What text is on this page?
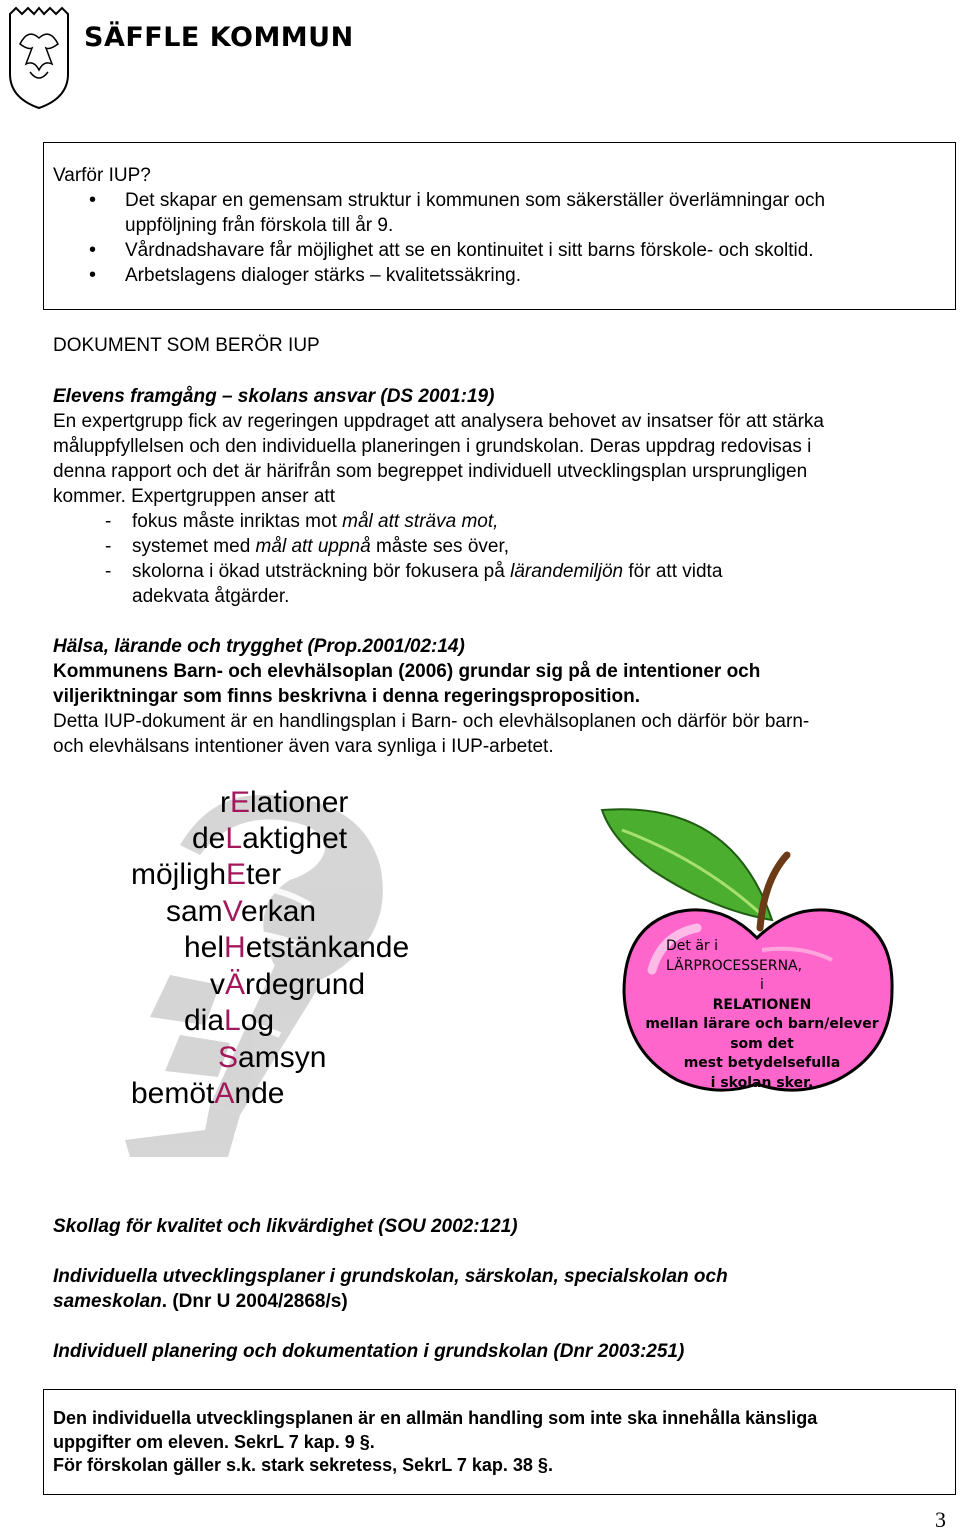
SÄFFLE KOMMUN
Varför IUP?
• Det skapar en gemensam struktur i kommunen som säkerställer överlämningar och
uppföljning från förskola till år 9.
• Vårdnadshavare får möjlighet att se en kontinuitet i sitt barns förskole- och skoltid.
• Arbetslagens dialoger stärks – kvalitetssäkring.
DOKUMENT SOM BERÖR IUP
Elevens framgång – skolans ansvar (DS 2001:19)
En expertgrupp fick av regeringen uppdraget att analysera behovet av insatser för att stärka
måluppfyllelsen och den individuella planeringen i grundskolan. Deras uppdrag redovisas i
denna rapport och det är härifrån som begreppet individuell utvecklingsplan ursprungligen
kommer. Expertgruppen anser att
- fokus måste inriktas mot mål att sträva mot,
- systemet med mål att uppnå måste ses över,
- skolorna i ökad utsträckning bör fokusera på lärandemiljön för att vidta
adekvata åtgärder.
Hälsa, lärande och trygghet (Prop.2001/02:14)
Kommunens Barn- och elevhälsoplan (2006) grundar sig på de intentioner och
viljeriktningar som finns beskrivna i denna regeringsproposition.
Detta IUP-dokument är en handlingsplan i Barn- och elevhälsoplanen och därför bör barn-
och elevhälsans intentioner även vara synliga i IUP-arbetet.
rElationer
deLaktighet
möjlighEter
samVerkan
helHetstänkande
vÄrdegrund
diaLog
Samsyn
bemötAnde
Det är i
LÄRPROCESSERNA,
i
RELATIONEN
mellan lärare och barn/elever
som det
mest betydelsefulla
i skolan sker.
Skollag för kvalitet och likvärdighet (SOU 2002:121)
Individuella utvecklingsplaner i grundskolan, särskolan, specialskolan och
sameskolan. (Dnr U 2004/2868/s)
Individuell planering och dokumentation i grundskolan (Dnr 2003:251)
Den individuella utvecklingsplanen är en allmän handling som inte ska innehålla känsliga
uppgifter om eleven. SekrL 7 kap. 9 §.
För förskolan gäller s.k. stark sekretess, SekrL 7 kap. 38 §.
3
